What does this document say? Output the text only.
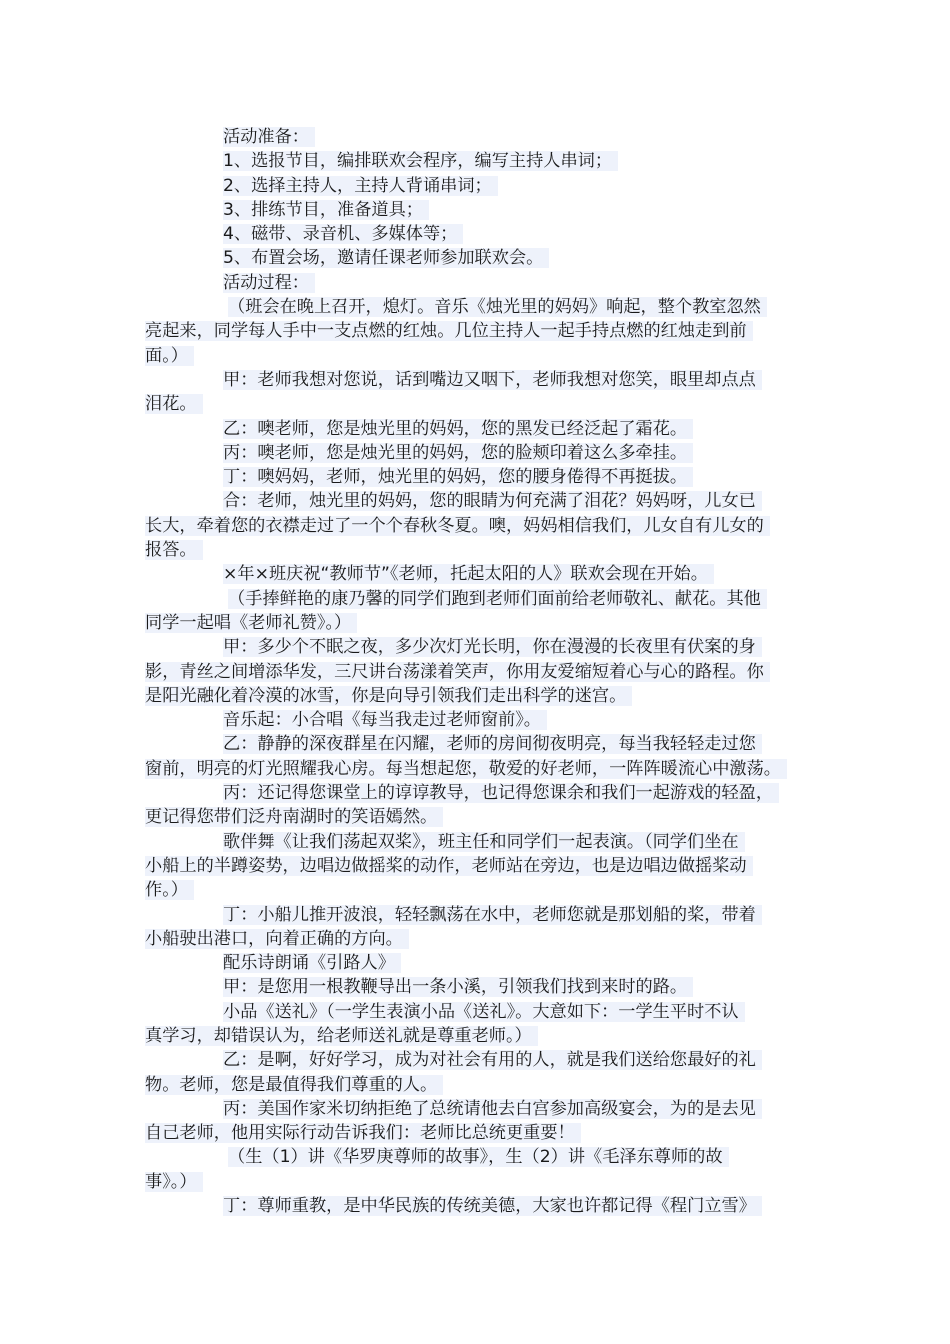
活动准备：
1、选报节目，编排联欢会程序，编写主持人串词；
2、选择主持人，主持人背诵串词；
3、排练节目，准备道具；
4、磁带、录音机、多媒体等；
5、布置会场，邀请任课老师参加联欢会。
活动过程：
（班会在晚上召开，熄灯。音乐《烛光里的妈妈》响起，整个教室忽然
亮起来，同学每人手中一支点燃的红烛。几位主持人一起手持点燃的红烛走到前
面。）
甲：老师我想对您说，话到嘴边又咽下，老师我想对您笑，眼里却点点
泪花。
乙：噢老师，您是烛光里的妈妈，您的黑发已经泛起了霜花。
丙：噢老师，您是烛光里的妈妈，您的脸颊印着这么多牵挂。
丁：噢妈妈，老师，烛光里的妈妈，您的腰身倦得不再挺拔。
合：老师，烛光里的妈妈，您的眼睛为何充满了泪花？妈妈呀，儿女已
长大，牵着您的衣襟走过了一个个春秋冬夏。噢，妈妈相信我们，儿女自有儿女的
报答。
×年×班庆祝“教师节”《老师，托起太阳的人》联欢会现在开始。
（手捧鲜艳的康乃馨的同学们跑到老师们面前给老师敬礼、献花。其他
同学一起唱《老师礼赞》。）
甲：多少个不眠之夜，多少次灯光长明，你在漫漫的长夜里有伏案的身
影，青丝之间增添华发，三尺讲台荡漾着笑声，你用友爱缩短着心与心的路程。你
是阳光融化着冷漠的冰雪，你是向导引领我们走出科学的迷宫。
音乐起：小合唱《每当我走过老师窗前》。
乙：静静的深夜群星在闪耀，老师的房间彻夜明亮，每当我轻轻走过您
窗前，明亮的灯光照耀我心房。每当想起您，敬爱的好老师，一阵阵暖流心中激荡。
丙：还记得您课堂上的谆谆教导，也记得您课余和我们一起游戏的轻盈，
更记得您带们泛舟南湖时的笑语嫣然。
歌伴舞《让我们荡起双桨》，班主任和同学们一起表演。（同学们坐在
小船上的半蹲姿势，边唱边做摇桨的动作，老师站在旁边，也是边唱边做摇桨动
作。）
丁：小船儿推开波浪，轻轻飘荡在水中，老师您就是那划船的桨，带着
小船驶出港口，向着正确的方向。
配乐诗朗诵《引路人》
甲：是您用一根教鞭导出一条小溪，引领我们找到来时的路。
小品《送礼》（一学生表演小品《送礼》。大意如下：一学生平时不认
真学习，却错误认为，给老师送礼就是尊重老师。）
乙：是啊，好好学习，成为对社会有用的人，就是我们送给您最好的礼
物。老师，您是最值得我们尊重的人。
丙：美国作家米切纳拒绝了总统请他去白宫参加高级宴会，为的是去见
自己老师，他用实际行动告诉我们：老师比总统更重要！
（生（1）讲《华罗庚尊师的故事》，生（2）讲《毛泽东尊师的故
事》。）
丁：尊师重教，是中华民族的传统美德，大家也许都记得《程门立雪》
